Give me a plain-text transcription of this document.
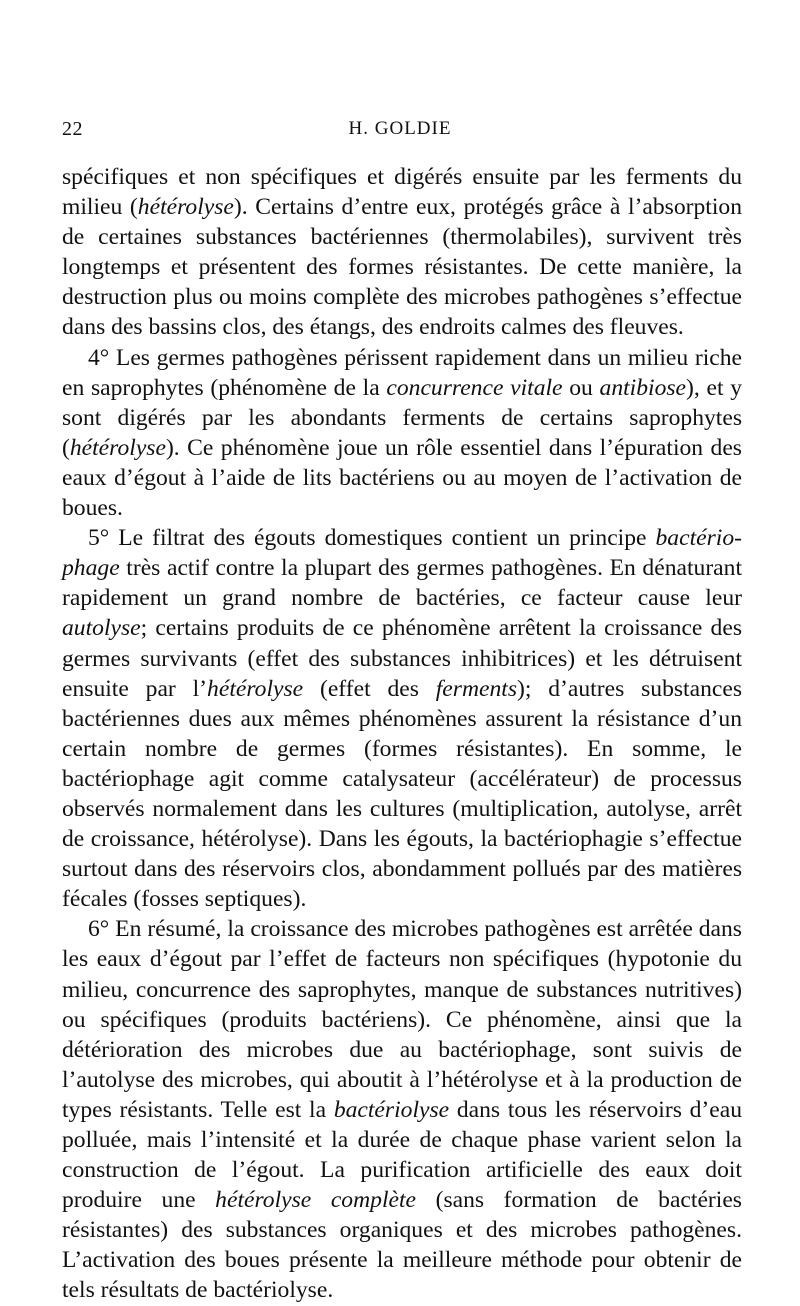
22	H. GOLDIE

spécifiques et non spécifiques et digérés ensuite par les ferments du milieu (hétérolyse). Certains d’entre eux, protégés grâce à l’absorption de certaines substances bactériennes (thermolabiles), survivent très longtemps et présentent des formes résistantes. De cette manière, la destruction plus ou moins complète des microbes pathogènes s’effectue dans des bassins clos, des étangs, des endroits calmes des fleuves.

4° Les germes pathogènes périssent rapidement dans un milieu riche en saprophytes (phénomène de la concurrence vitale ou antibiose), et y sont digérés par les abondants ferments de certains saprophytes (hétérolyse). Ce phénomène joue un rôle essentiel dans l’épuration des eaux d’égout à l’aide de lits bactériens ou au moyen de l’activation de boues.

5° Le filtrat des égouts domestiques contient un principe bactériophage très actif contre la plupart des germes pathogènes. En dénaturant rapidement un grand nombre de bactéries, ce facteur cause leur autolyse; certains produits de ce phénomène arrêtent la croissance des germes survivants (effet des substances inhibitrices) et les détruisent ensuite par l’hétérolyse (effet des ferments); d’autres substances bactériennes dues aux mêmes phénomènes assurent la résistance d’un certain nombre de germes (formes résistantes). En somme, le bactériophage agit comme catalysateur (accélérateur) de processus observés normalement dans les cultures (multiplication, autolyse, arrêt de croissance, hétérolyse). Dans les égouts, la bactériophagie s’effectue surtout dans des réservoirs clos, abondamment pollués par des matières fécales (fosses septiques).

6° En résumé, la croissance des microbes pathogènes est arrêtée dans les eaux d’égout par l’effet de facteurs non spécifiques (hypotonie du milieu, concurrence des saprophytes, manque de substances nutritives) ou spécifiques (produits bactériens). Ce phénomène, ainsi que la détérioration des microbes due au bactériophage, sont suivis de l’autolyse des microbes, qui aboutit à l’hétérolyse et à la production de types résistants. Telle est la bactériolyse dans tous les réservoirs d’eau polluée, mais l’intensité et la durée de chaque phase varient selon la construction de l’égout. La purification artificielle des eaux doit produire une hétérolyse complète (sans formation de bactéries résistantes) des substances organiques et des microbes pathogènes. L’activation des boues présente la meilleure méthode pour obtenir de tels résultats de bactériolyse.
